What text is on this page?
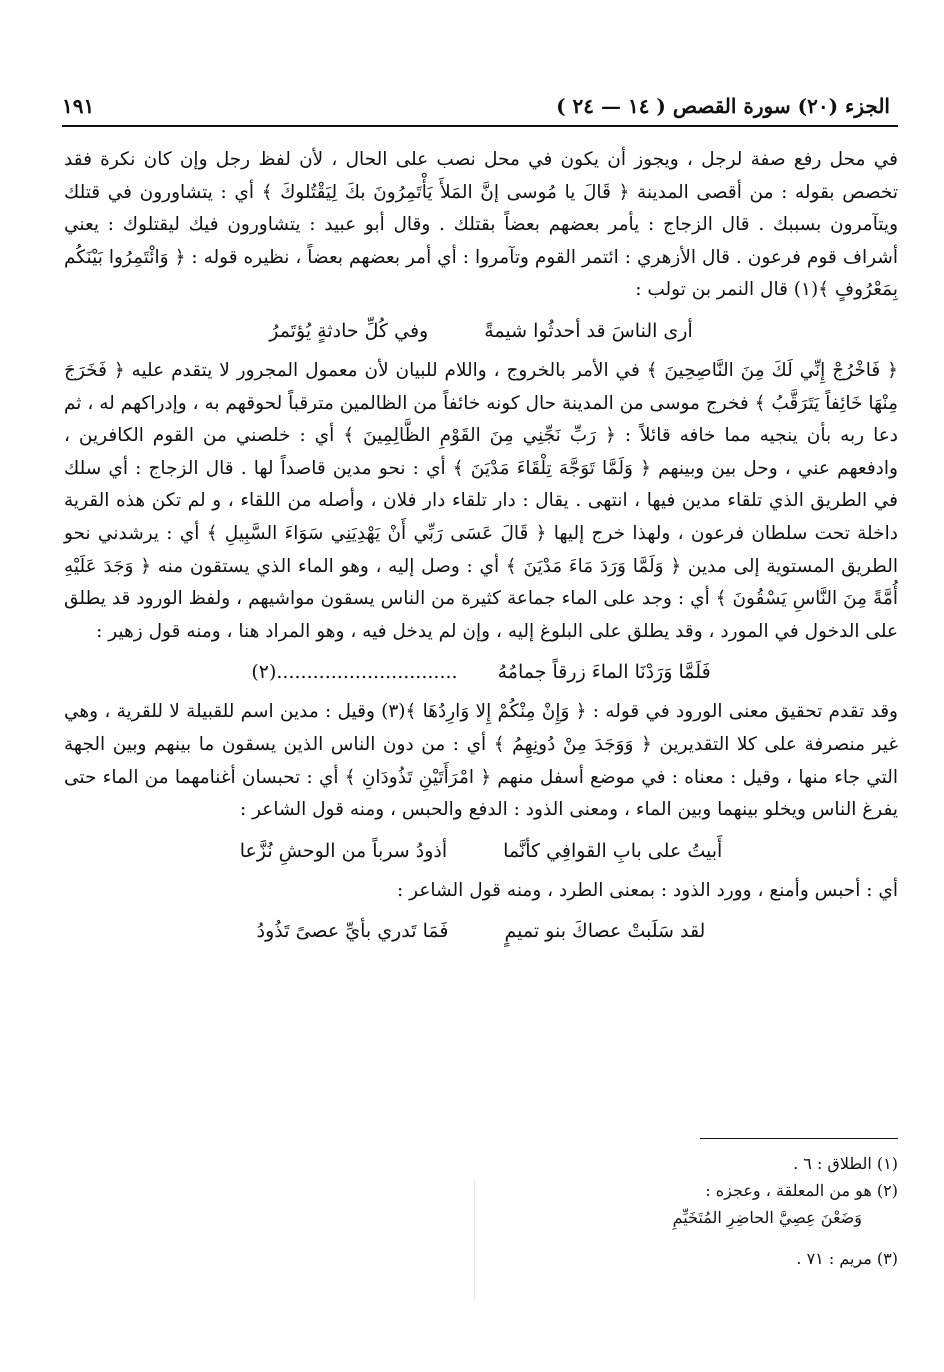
الجزء (٢٠) سورة القصص ( ١٤ — ٢٤ )
١٩١

في محل رفع صفة لرجل ، ويجوز أن يكون في محل نصب على الحال ، لأن لفظ رجل وإن كان نكرة فقد تخصص بقوله : من أقصى المدينة ﴿ قَالَ يا مُوسى إنَّ المَلأَ يَأْتَمِرُونَ بكَ لِيَقْتُلوكَ ﴾ أي : يتشاورون في قتلك ويتآمرون بسببك . قال الزجاج : يأمر بعضهم بعضاً بقتلك . وقال أبو عبيد : يتشاورون فيك ليقتلوك : يعني أشراف قوم فرعون . قال الأزهري : ائتمر القوم وتآمروا : أي أمر بعضهم بعضاً ، نظيره قوله : ﴿ وَائْتَمِرُوا بَيْنَكُم بِمَعْرُوفٍ ﴾(١) قال النمر بن تولب :

أرى الناسَ قد أحدثُوا شيمةً
وفي كُلِّ حادثةٍ يُؤتَمرُ

﴿ فَاخْرُجْ إِنِّي لَكَ مِنَ النَّاصِحِينَ ﴾ في الأمر بالخروج ، واللام للبيان لأن معمول المجرور لا يتقدم عليه ﴿ فَخَرَجَ مِنْهَا خَائِفاً يَتَرَقَّبُ ﴾ فخرج موسى من المدينة حال كونه خائفاً من الظالمين مترقباً لحوقهم به ، وإدراكهم له ، ثم دعا ربه بأن ينجيه مما خافه قائلاً : ﴿ رَبِّ نَجِّنِي مِنَ القَوْمِ الظَّالِمِينَ ﴾ أي : خلصني من القوم الكافرين ، وادفعهم عني ، وحل بين وبينهم ﴿ وَلَمَّا تَوَجَّهَ تِلْقَاءَ مَدْيَنَ ﴾ أي : نحو مدين قاصداً لها . قال الزجاج : أي سلك في الطريق الذي تلقاء مدين فيها ، انتهى . يقال : دار تلقاء دار فلان ، وأصله من اللقاء ، و لم تكن هذه القرية داخلة تحت سلطان فرعون ، ولهذا خرج إليها ﴿ قَالَ عَسَى رَبِّي أَنْ يَهْدِيَنِي سَوَاءَ السَّبِيلِ ﴾ أي : يرشدني نحو الطريق المستوية إلى مدين ﴿ وَلَمَّا وَرَدَ مَاءَ مَدْيَنَ ﴾ أي : وصل إليه ، وهو الماء الذي يستقون منه ﴿ وَجَدَ عَلَيْهِ أُمَّةً مِنَ النَّاسِ يَسْقُونَ ﴾ أي : وجد على الماء جماعة كثيرة من الناس يسقون مواشيهم ، ولفظ الورود قد يطلق على الدخول في المورد ، وقد يطلق على البلوغ إليه ، وإن لم يدخل فيه ، وهو المراد هنا ، ومنه قول زهير :

فَلَمَّا وَرَدْنَا الماءَ زرقاً جمامُهُ
..............................(٢)

وقد تقدم تحقيق معنى الورود في قوله : ﴿ وَإِنْ مِنْكُمْ إِلا وَارِدُهَا ﴾(٣) وقيل : مدين اسم للقبيلة لا للقرية ، وهي غير منصرفة على كلا التقديرين ﴿ وَوَجَدَ مِنْ دُونِهِمُ ﴾ أي : من دون الناس الذين يسقون ما بينهم وبين الجهة التي جاء منها ، وقيل : معناه : في موضع أسفل منهم ﴿ امْرَأَتَيْنِ تَذُودَانِ ﴾ أي : تحبسان أغنامهما من الماء حتى يفرغ الناس ويخلو بينهما وبين الماء ، ومعنى الذود : الدفع والحبس ، ومنه قول الشاعر :

أَبيتُ على بابِ القوافِي كأنَّما
أذودُ سرباً من الوحشِ نُزَّعا

أي : أحبس وأمنع ، وورد الذود : بمعنى الطرد ، ومنه قول الشاعر :

لقد سَلَبتْ عصاكَ بنو تميمٍ
فَمَا تَدري بأيِّ عصىً تَذُودُ

(١) الطلاق : ٦ .

(٢) هو من المعلقة ، وعجزه :

وَضَعْنَ عِصِيَّ الحاضِرِ المُتَخَيِّمِ

(٣) مريم : ٧١ .
